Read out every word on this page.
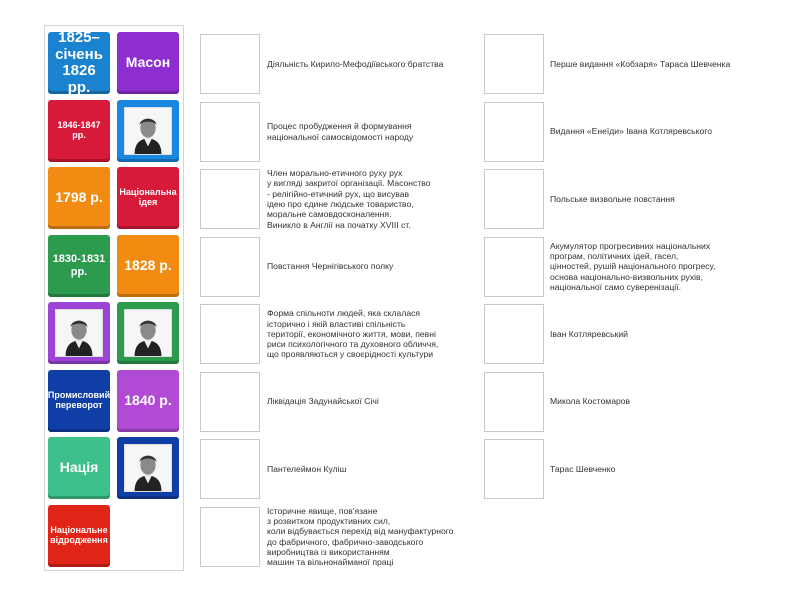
1825–
січень
1826 рр.
Масон
1846-1847
рр.
1798 р. Національна
ідея
1830-1831
рр.	1828 р.
Промисловий
переворот	1840 р.
Нація
Національне
відродження
Діяльність Кирило-Мефодіївського братства
Процес пробудження й формування
національної самосвідомості народу
Член морально-етичного руху рух
у вигляді закритої організації. Масонство
- релігійно-етичний рух, що висував
ідею про єдине людське товариство,
моральне самовдосконалення.
Виникло в Англії на початку XVIII ст.
Повстання Чернігівського полку
Форма спільноти людей, яка склалася
історично і якій властиві спільність
території, економічного життя, мови, певні
риси психологічного та духовного обличчя,
що проявляються у своєрідності культури
Ліквідація Задунайської Січі
Пантелеймон Куліш
Історичне явище, пов'язане
з розвитком продуктивних сил,
коли відбувається перехід від мануфактурного
до фабричного, фабрично-заводського
виробництва із використанням
машин та вільнонайманої праці
Перше видання «Кобзаря» Тараса Шевченка
Видання «Енеїди» Івана Котляревського
Польське визвольне повстання
Акумулятор прогресивних національних
програм, політичних ідей, гасел,
цінностей, рушій національного прогресу,
основа національно-визвольних рухів,
національної само суверенізації.
Іван Котляревський
Микола Костомаров
Тарас Шевченко
